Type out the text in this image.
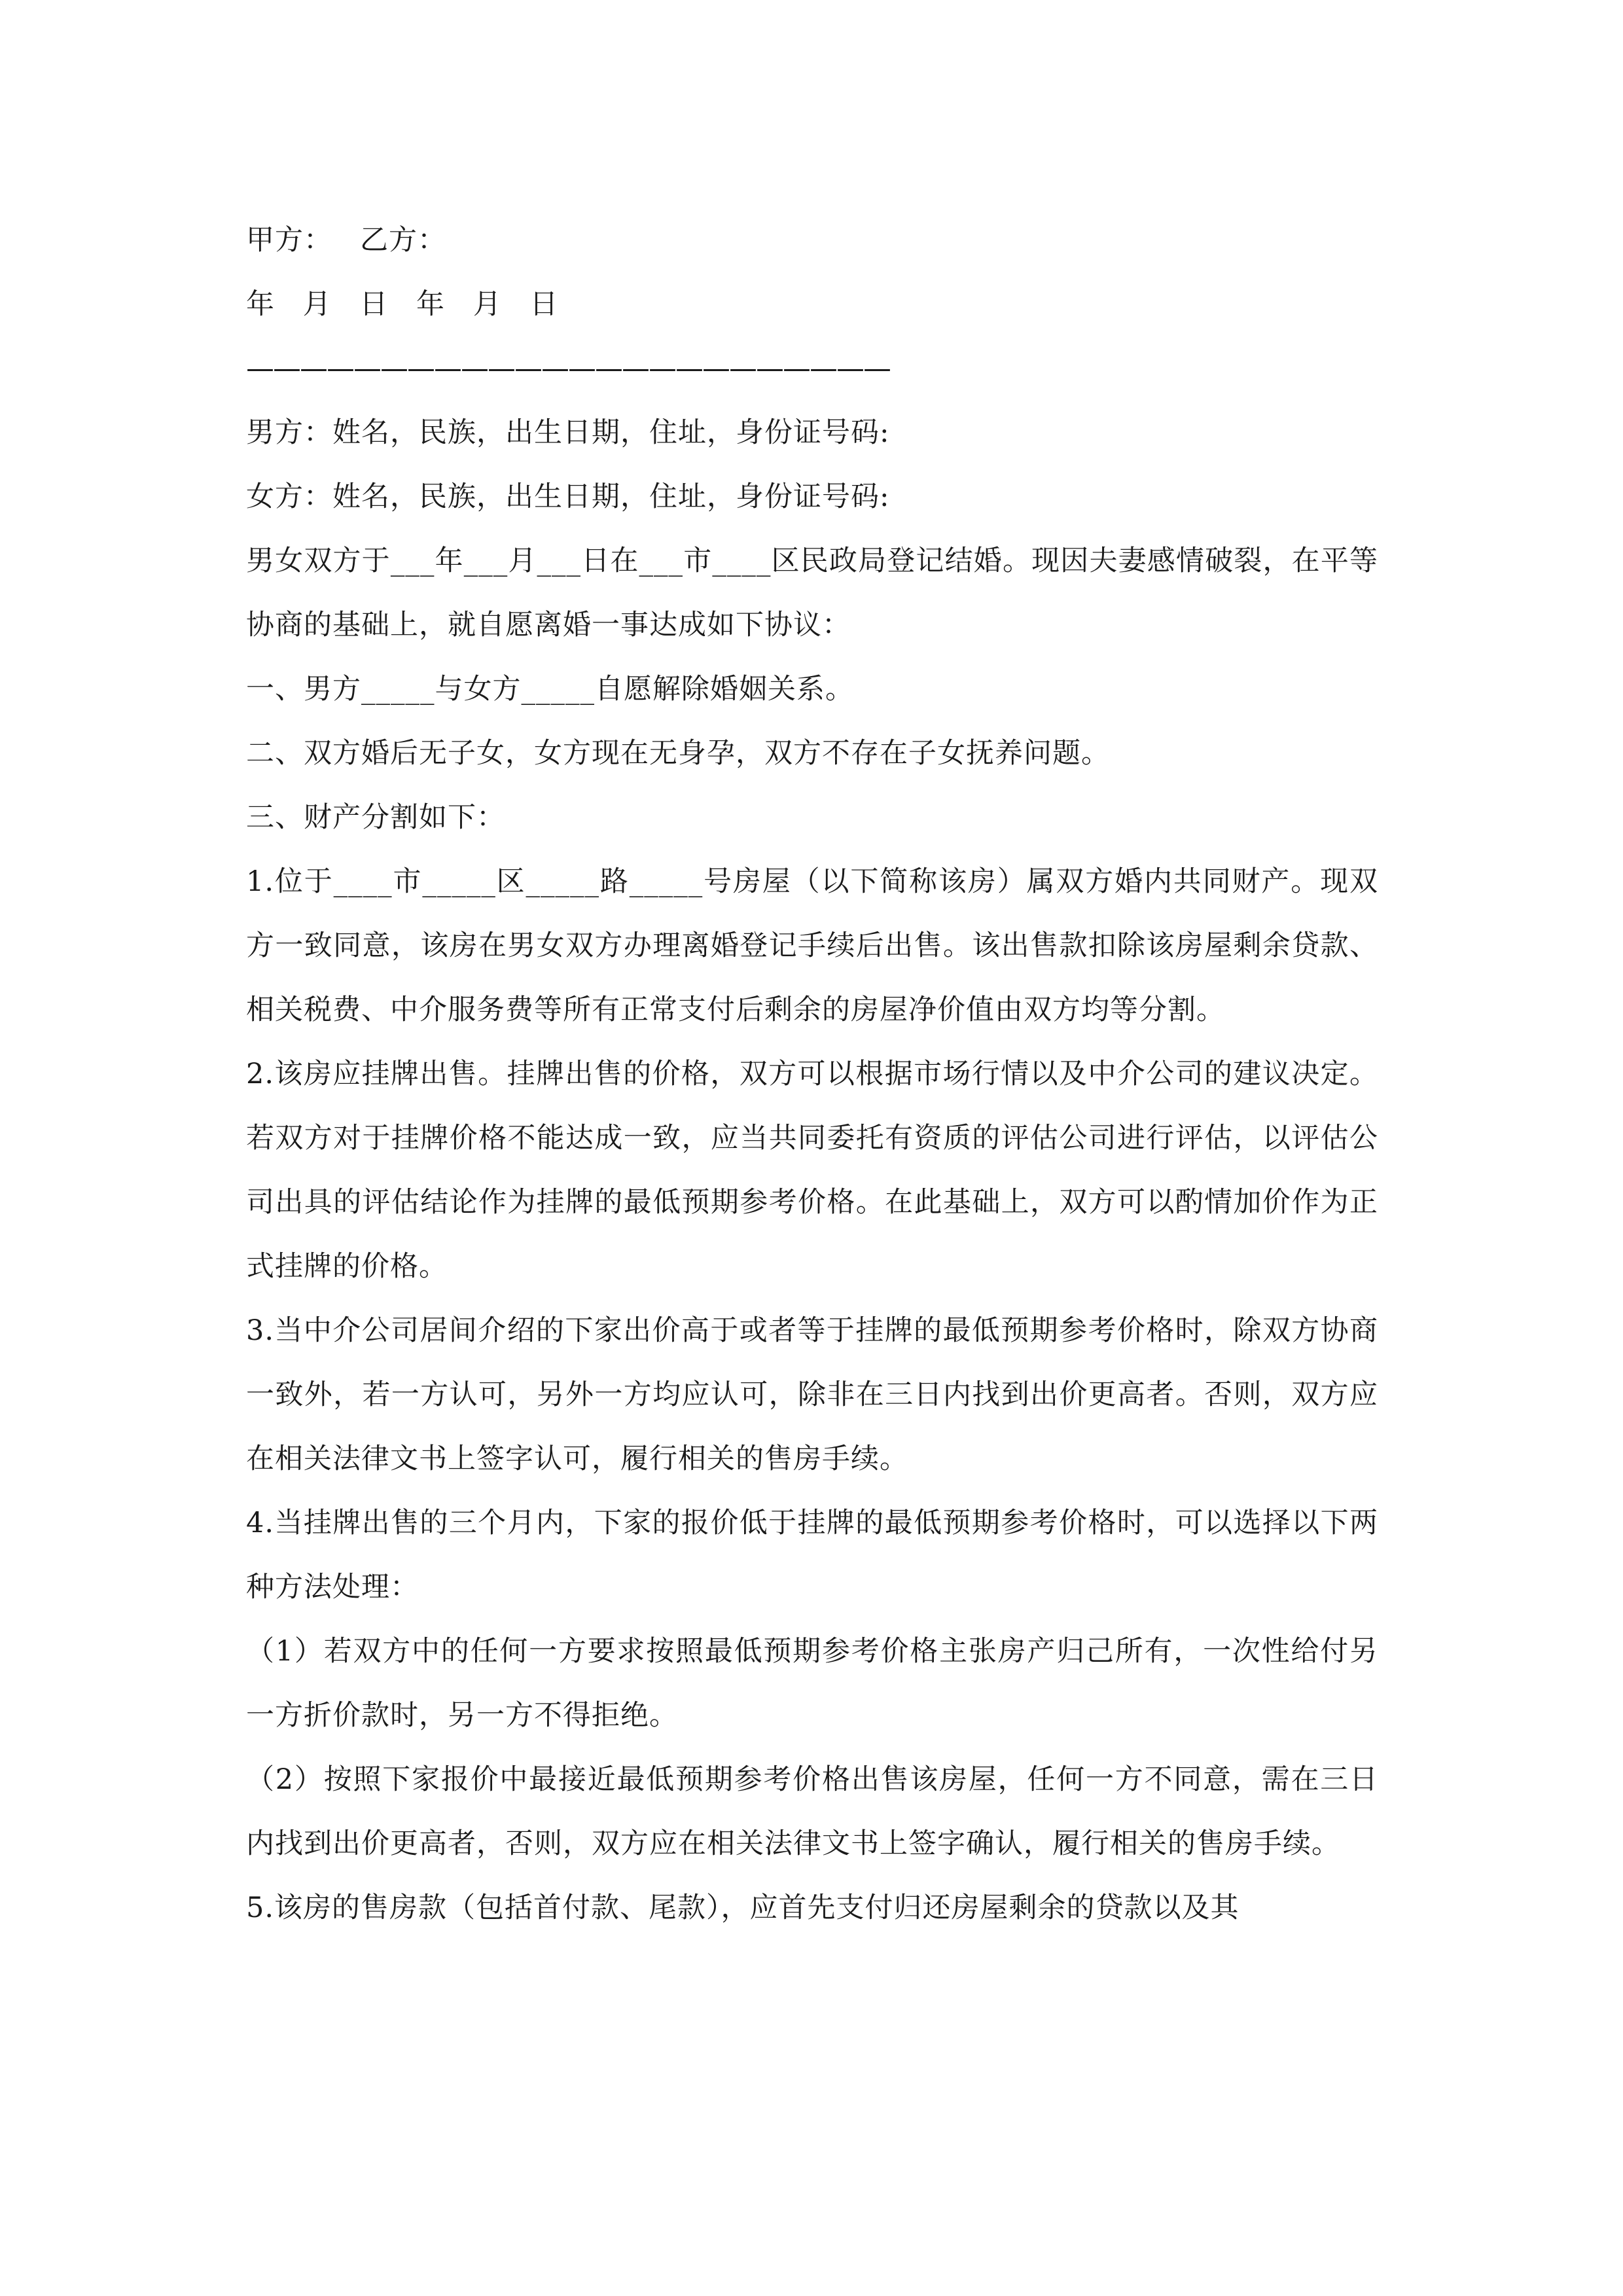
甲方： 乙方：
年 月 日 年 月 日
————————————————————————
男方：姓名，民族，出生日期，住址，身份证号码:
女方：姓名，民族，出生日期，住址，身份证号码:
男女双方于___年___月___日在___市____区民政局登记结婚。现因夫妻感情破裂，在平等协商的基础上，就自愿离婚一事达成如下协议：
一、男方_____与女方_____自愿解除婚姻关系。
二、双方婚后无子女，女方现在无身孕，双方不存在子女抚养问题。
三、财产分割如下：
1.位于____市_____区_____路_____号房屋（以下简称该房）属双方婚内共同财产。现双方一致同意，该房在男女双方办理离婚登记手续后出售。该出售款扣除该房屋剩余贷款、相关税费、中介服务费等所有正常支付后剩余的房屋净价值由双方均等分割。
2.该房应挂牌出售。挂牌出售的价格，双方可以根据市场行情以及中介公司的建议决定。若双方对于挂牌价格不能达成一致，应当共同委托有资质的评估公司进行评估，以评估公司出具的评估结论作为挂牌的最低预期参考价格。在此基础上，双方可以酌情加价作为正式挂牌的价格。
3.当中介公司居间介绍的下家出价高于或者等于挂牌的最低预期参考价格时，除双方协商一致外，若一方认可，另外一方均应认可，除非在三日内找到出价更高者。否则，双方应在相关法律文书上签字认可，履行相关的售房手续。
4.当挂牌出售的三个月内，下家的报价低于挂牌的最低预期参考价格时，可以选择以下两种方法处理：
（1）若双方中的任何一方要求按照最低预期参考价格主张房产归己所有，一次性给付另一方折价款时，另一方不得拒绝。
（2）按照下家报价中最接近最低预期参考价格出售该房屋，任何一方不同意，需在三日内找到出价更高者，否则，双方应在相关法律文书上签字确认，履行相关的售房手续。
5.该房的售房款（包括首付款、尾款），应首先支付归还房屋剩余的贷款以及其
